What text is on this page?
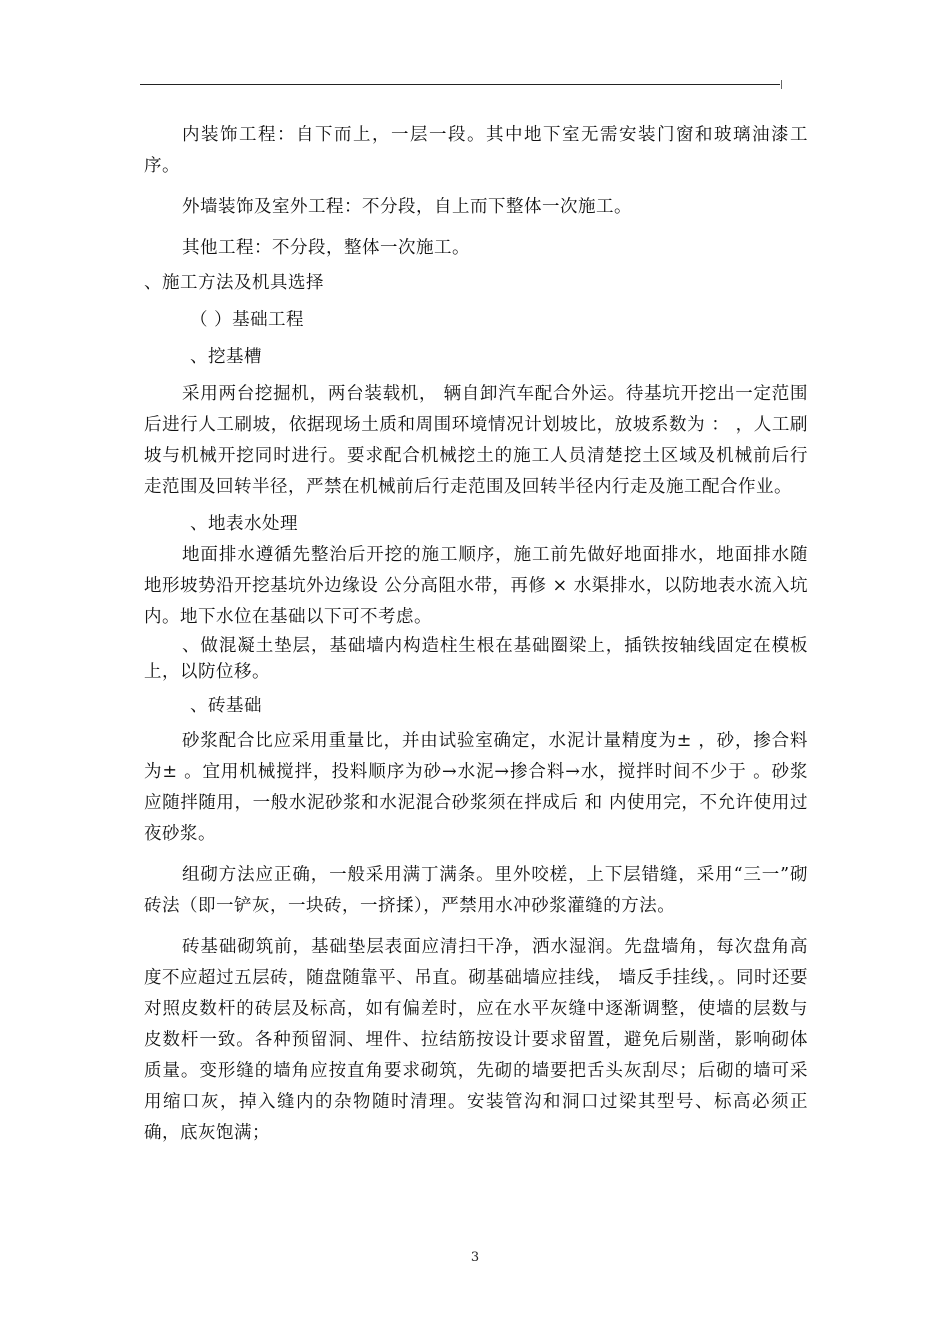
内装饰工程：自下而上，一层一段。其中地下室无需安装门窗和玻璃油漆工序。

外墙装饰及室外工程：不分段，自上而下整体一次施工。

其他工程：不分段，整体一次施工。

、施工方法及机具选择

（ ）基础工程

、挖基槽

采用两台挖掘机，两台装载机， 辆自卸汽车配合外运。待基坑开挖出一定范围后进行人工刷坡，依据现场土质和周围环境情况计划坡比，放坡系数为 ： ，人工刷坡与机械开挖同时进行。要求配合机械挖土的施工人员清楚挖土区域及机械前后行走范围及回转半径，严禁在机械前后行走范围及回转半径内行走及施工配合作业。

、地表水处理

地面排水遵循先整治后开挖的施工顺序，施工前先做好地面排水，地面排水随地形坡势沿开挖基坑外边缘设 公分高阻水带，再修 × 水渠排水，以防地表水流入坑内。地下水位在基础以下可不考虑。

、做混凝土垫层，基础墙内构造柱生根在基础圈梁上，插铁按轴线固定在模板上，以防位移。

、砖基础

砂浆配合比应采用重量比，并由试验室确定，水泥计量精度为± ，砂，掺合料为± 。宜用机械搅拌，投料顺序为砂→水泥→掺合料→水，搅拌时间不少于 。砂浆应随拌随用，一般水泥砂浆和水泥混合砂浆须在拌成后 和 内使用完，不允许使用过夜砂浆。

组砌方法应正确，一般采用满丁满条。里外咬槎，上下层错缝，采用“三一”砌砖法（即一铲灰，一块砖，一挤揉），严禁用水冲砂浆灌缝的方法。

砖基础砌筑前，基础垫层表面应清扫干净，洒水湿润。先盘墙角，每次盘角高度不应超过五层砖，随盘随靠平、吊直。砌基础墙应挂线， 墙反手挂线，。同时还要对照皮数杆的砖层及标高，如有偏差时，应在水平灰缝中逐渐调整，使墙的层数与皮数杆一致。各种预留洞、埋件、拉结筋按设计要求留置，避免后剔凿，影响砌体质量。变形缝的墙角应按直角要求砌筑，先砌的墙要把舌头灰刮尽；后砌的墙可采用缩口灰，掉入缝内的杂物随时清理。安装管沟和洞口过梁其型号、标高必须正确，底灰饱满；

3
